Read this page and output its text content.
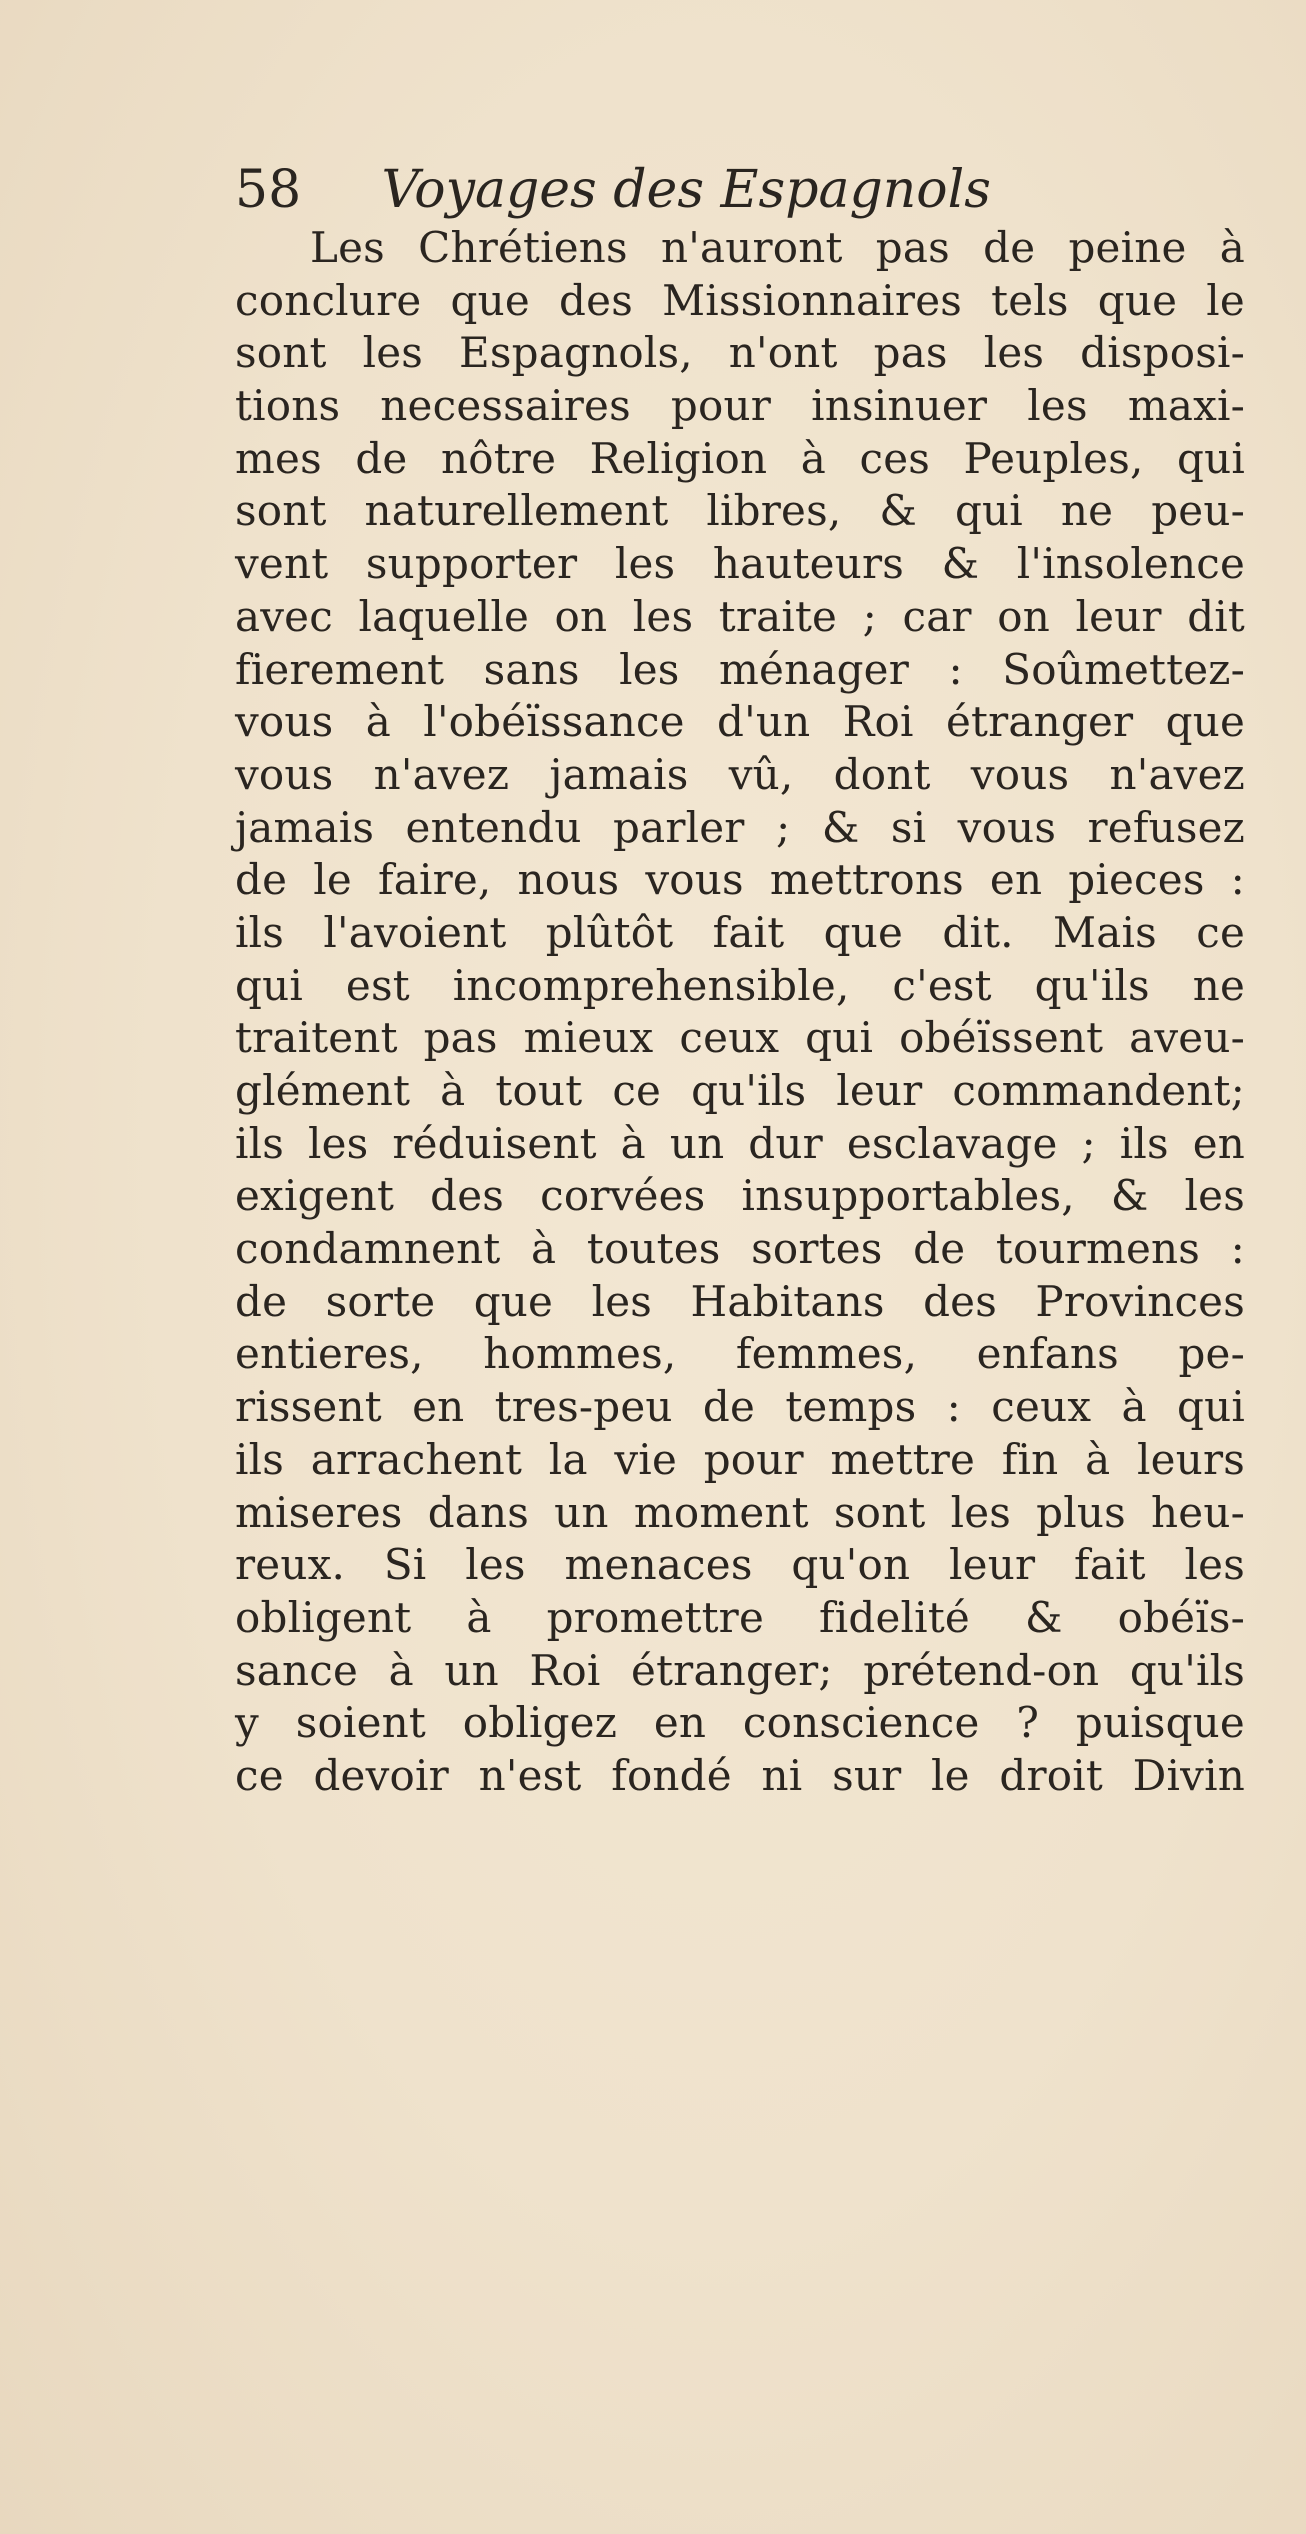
58 Voyages des Espagnols
Les Chrétiens n'auront pas de peine à
conclure que des Missionnaires tels que le
sont les Espagnols, n'ont pas les disposi-
tions necessaires pour insinuer les maxi-
mes de nôtre Religion à ces Peuples, qui
sont naturellement libres, & qui ne peu-
vent supporter les hauteurs & l'insolence
avec laquelle on les traite ; car on leur dit
fierement sans les ménager : Soûmettez-
vous à l'obéïssance d'un Roi étranger que
vous n'avez jamais vû, dont vous n'avez
jamais entendu parler ; & si vous refusez
de le faire, nous vous mettrons en pieces :
ils l'avoient plûtôt fait que dit. Mais ce
qui est incomprehensible, c'est qu'ils ne
traitent pas mieux ceux qui obéïssent aveu-
glément à tout ce qu'ils leur commandent;
ils les réduisent à un dur esclavage ; ils en
exigent des corvées insupportables, & les
condamnent à toutes sortes de tourmens :
de sorte que les Habitans des Provinces
entieres, hommes, femmes, enfans pe-
rissent en tres-peu de temps : ceux à qui
ils arrachent la vie pour mettre fin à leurs
miseres dans un moment sont les plus heu-
reux. Si les menaces qu'on leur fait les
obligent à promettre fidelité & obéïs-
sance à un Roi étranger; prétend-on qu'ils
y soient obligez en conscience ? puisque
ce devoir n'est fondé ni sur le droit Divin
